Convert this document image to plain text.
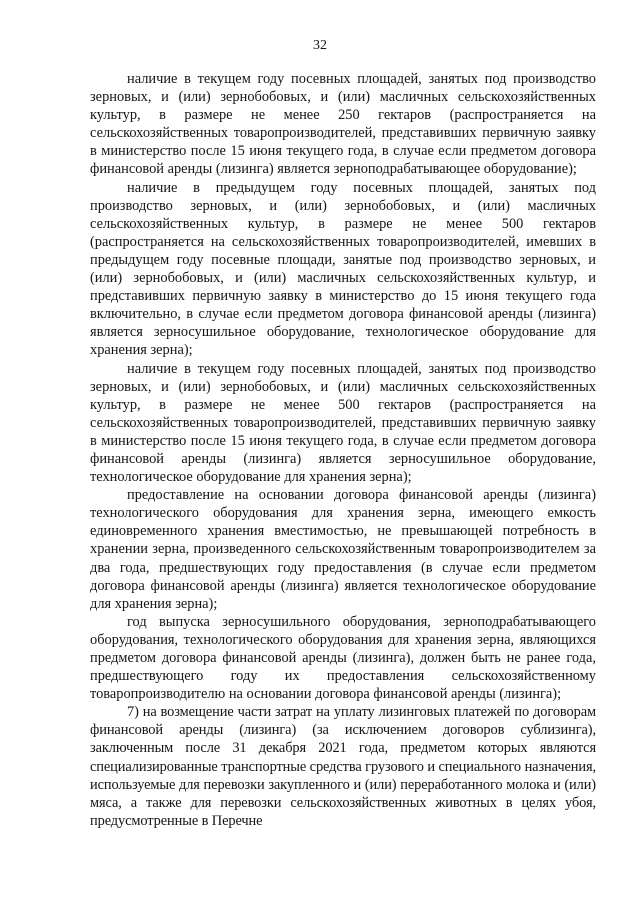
32

наличие в текущем году посевных площадей, занятых под производство зерновых, и (или) зернобобовых, и (или) масличных сельскохозяйственных культур, в размере не менее 250 гектаров (распространяется на сельскохозяйственных товаропроизводителей, представивших первичную заявку в министерство после 15 июня текущего года, в случае если предметом договора финансовой аренды (лизинга) является зерноподрабатывающее оборудование);

наличие в предыдущем году посевных площадей, занятых под производство зерновых, и (или) зернобобовых, и (или) масличных сельскохозяйственных культур, в размере не менее 500 гектаров (распространяется на сельскохозяйственных товаропроизводителей, имевших в предыдущем году посевные площади, занятые под производство зерновых, и (или) зернобобовых, и (или) масличных сельскохозяйственных культур, и представивших первичную заявку в министерство до 15 июня текущего года включительно, в случае если предметом договора финансовой аренды (лизинга) является зерносушильное оборудование, технологическое оборудование для хранения зерна);

наличие в текущем году посевных площадей, занятых под производство зерновых, и (или) зернобобовых, и (или) масличных сельскохозяйственных культур, в размере не менее 500 гектаров (распространяется на сельскохозяйственных товаропроизводителей, представивших первичную заявку в министерство после 15 июня текущего года, в случае если предметом договора финансовой аренды (лизинга) является зерносушильное оборудование, технологическое оборудование для хранения зерна);

предоставление на основании договора финансовой аренды (лизинга) технологического оборудования для хранения зерна, имеющего емкость единовременного хранения вместимостью, не превышающей потребность в хранении зерна, произведенного сельскохозяйственным товаропроизводителем за два года, предшествующих году предоставления (в случае если предметом договора финансовой аренды (лизинга) является технологическое оборудование для хранения зерна);

год выпуска зерносушильного оборудования, зерноподрабатывающего оборудования, технологического оборудования для хранения зерна, являющихся предметом договора финансовой аренды (лизинга), должен быть не ранее года, предшествующего году их предоставления сельскохозяйственному товаропроизводителю на основании договора финансовой аренды (лизинга);

7) на возмещение части затрат на уплату лизинговых платежей по договорам финансовой аренды (лизинга) (за исключением договоров сублизинга), заключенным после 31 декабря 2021 года, предметом которых являются специализированные транспортные средства грузового и специального назначения, используемые для перевозки закупленного и (или) переработанного молока и (или) мяса, а также для перевозки сельскохозяйственных животных в целях убоя, предусмотренные в Перечне
